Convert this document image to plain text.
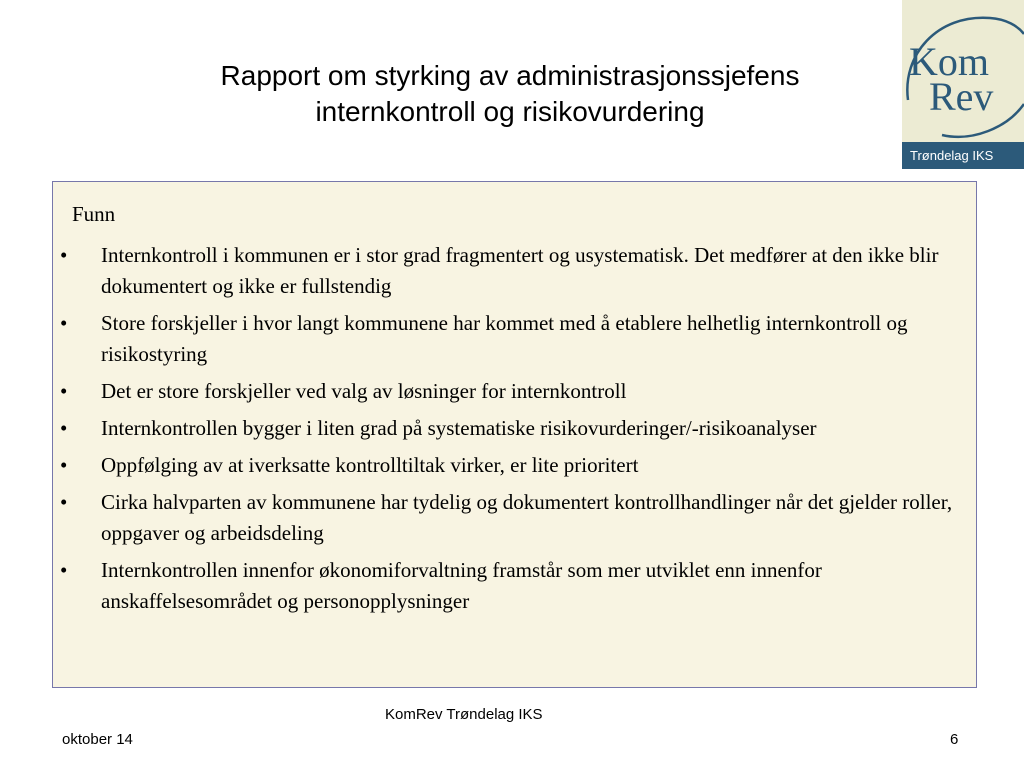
Rapport om styrking av administrasjonssjefens
internkontroll og risikovurdering
Kom
Rev
Trøndelag IKS
Funn
• Internkontroll i kommunen er i stor grad fragmentert og usystematisk. Det medfører at den ikke blir dokumentert og ikke er fullstendig
• Store forskjeller i hvor langt kommunene har kommet med å etablere helhetlig internkontroll og risikostyring
• Det er store forskjeller ved valg av løsninger for internkontroll
• Internkontrollen bygger i liten grad på systematiske risikovurderinger/-risikoanalyser
• Oppfølging av at iverksatte kontrolltiltak virker, er lite prioritert
• Cirka halvparten av kommunene har tydelig og dokumentert kontrollhandlinger når det gjelder roller, oppgaver og arbeidsdeling
• Internkontrollen innenfor økonomiforvaltning framstår som mer utviklet enn innenfor anskaffelsesområdet og personopplysninger
KomRev Trøndelag IKS
oktober 14	6
